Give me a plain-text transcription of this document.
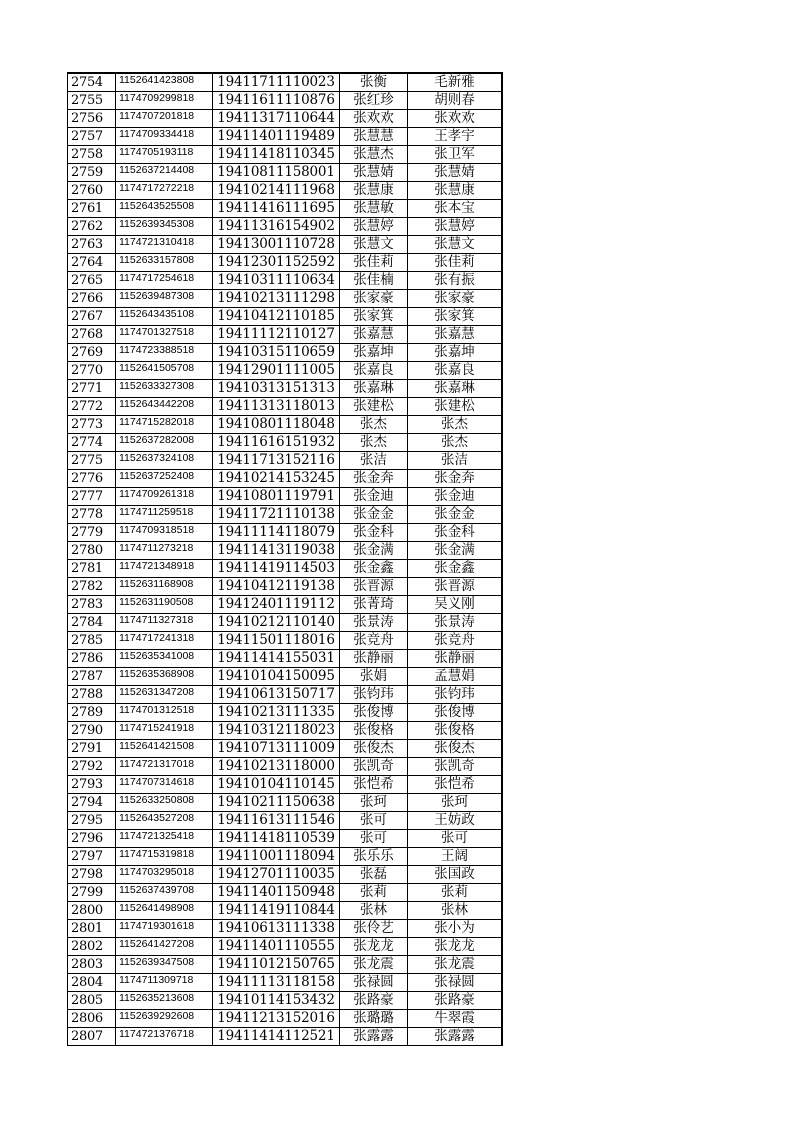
2754	1152641423808	19411711110023	张衡	毛新雅
2755	1174709299818	19411611110876	张红珍	胡则春
2756	1174707201818	19411317110644	张欢欢	张欢欢
2757	1174709334418	19411401119489	张慧慧	王孝宇
2758	1174705193118	19411418110345	张慧杰	张卫军
2759	1152637214408	19410811158001	张慧婧	张慧婧
2760	1174717272218	19410214111968	张慧康	张慧康
2761	1152643525508	19411416111695	张慧敏	张本宝
2762	1152639345308	19411316154902	张慧婷	张慧婷
2763	1174721310418	19413001110728	张慧文	张慧文
2764	1152633157808	19412301152592	张佳莉	张佳莉
2765	1174717254618	19410311110634	张佳楠	张有振
2766	1152639487308	19410213111298	张家豪	张家豪
2767	1152643435108	19410412110185	张家箕	张家箕
2768	1174701327518	19411112110127	张嘉慧	张嘉慧
2769	1174723388518	19410315110659	张嘉坤	张嘉坤
2770	1152641505708	19412901111005	张嘉良	张嘉良
2771	1152633327308	19410313151313	张嘉琳	张嘉琳
2772	1152643442208	19411313118013	张建松	张建松
2773	1174715282018	19410801118048	张杰	张杰
2774	1152637282008	19411616151932	张杰	张杰
2775	1152637324108	19411713152116	张洁	张洁
2776	1152637252408	19410214153245	张金奔	张金奔
2777	1174709261318	19410801119791	张金迪	张金迪
2778	1174711259518	19411721110138	张金金	张金金
2779	1174709318518	19411114118079	张金科	张金科
2780	1174711273218	19411413119038	张金满	张金满
2781	1174721348918	19411419114503	张金鑫	张金鑫
2782	1152631168908	19410412119138	张晋源	张晋源
2783	1152631190508	19412401119112	张菁琦	吴义刚
2784	1174711327318	19410212110140	张景涛	张景涛
2785	1174717241318	19411501118016	张竞舟	张竞舟
2786	1152635341008	19411414155031	张静丽	张静丽
2787	1152635368908	19410104150095	张娟	孟慧娟
2788	1152631347208	19410613150717	张钧玮	张钧玮
2789	1174701312518	19410213111335	张俊博	张俊博
2790	1174715241918	19410312118023	张俊格	张俊格
2791	1152641421508	19410713111009	张俊杰	张俊杰
2792	1174721317018	19410213118000	张凯奇	张凯奇
2793	1174707314618	19410104110145	张恺希	张恺希
2794	1152633250808	19410211150638	张珂	张珂
2795	1152643527208	19411613111546	张可	王妨政
2796	1174721325418	19411418110539	张可	张可
2797	1174715319818	19411001118094	张乐乐	王阔
2798	1174703295018	19412701110035	张磊	张国政
2799	1152637439708	19411401150948	张莉	张莉
2800	1152641498908	19411419110844	张林	张林
2801	1174719301618	19410613111338	张伶艺	张小为
2802	1152641427208	19411401110555	张龙龙	张龙龙
2803	1152639347508	19411012150765	张龙震	张龙震
2804	1174711309718	19411113118158	张禄圆	张禄圆
2805	1152635213608	19410114153432	张路豪	张路豪
2806	1152639292608	19411213152016	张璐璐	牛翠霞
2807	1174721376718	19411414112521	张露露	张露露
